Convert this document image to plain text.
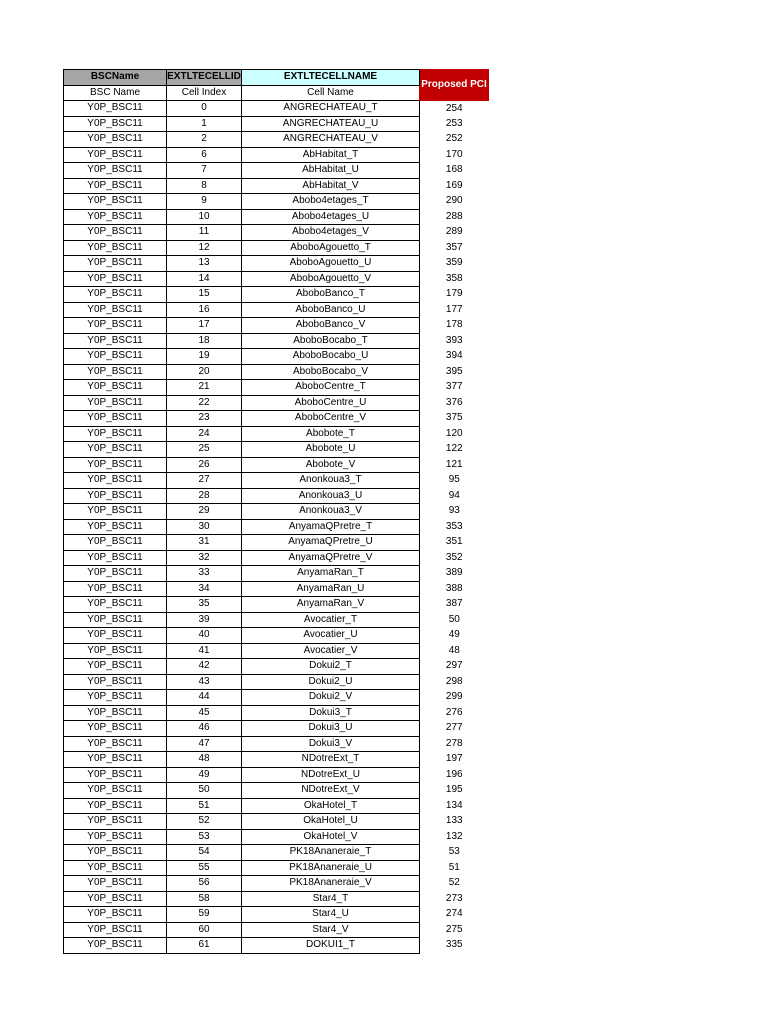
BSCName	EXTLTECELLID	EXTLTECELLNAME	Proposed PCI
BSC Name	Cell Index	Cell Name	
Y0P_BSC11	0	ANGRECHATEAU_T	254
Y0P_BSC11	1	ANGRECHATEAU_U	253
Y0P_BSC11	2	ANGRECHATEAU_V	252
Y0P_BSC11	6	AbHabitat_T	170
Y0P_BSC11	7	AbHabitat_U	168
Y0P_BSC11	8	AbHabitat_V	169
Y0P_BSC11	9	Abobo4etages_T	290
Y0P_BSC11	10	Abobo4etages_U	288
Y0P_BSC11	11	Abobo4etages_V	289
Y0P_BSC11	12	AboboAgouetto_T	357
Y0P_BSC11	13	AboboAgouetto_U	359
Y0P_BSC11	14	AboboAgouetto_V	358
Y0P_BSC11	15	AboboBanco_T	179
Y0P_BSC11	16	AboboBanco_U	177
Y0P_BSC11	17	AboboBanco_V	178
Y0P_BSC11	18	AboboBocabo_T	393
Y0P_BSC11	19	AboboBocabo_U	394
Y0P_BSC11	20	AboboBocabo_V	395
Y0P_BSC11	21	AboboCentre_T	377
Y0P_BSC11	22	AboboCentre_U	376
Y0P_BSC11	23	AboboCentre_V	375
Y0P_BSC11	24	Abobote_T	120
Y0P_BSC11	25	Abobote_U	122
Y0P_BSC11	26	Abobote_V	121
Y0P_BSC11	27	Anonkoua3_T	95
Y0P_BSC11	28	Anonkoua3_U	94
Y0P_BSC11	29	Anonkoua3_V	93
Y0P_BSC11	30	AnyamaQPretre_T	353
Y0P_BSC11	31	AnyamaQPretre_U	351
Y0P_BSC11	32	AnyamaQPretre_V	352
Y0P_BSC11	33	AnyamaRan_T	389
Y0P_BSC11	34	AnyamaRan_U	388
Y0P_BSC11	35	AnyamaRan_V	387
Y0P_BSC11	39	Avocatier_T	50
Y0P_BSC11	40	Avocatier_U	49
Y0P_BSC11	41	Avocatier_V	48
Y0P_BSC11	42	Dokui2_T	297
Y0P_BSC11	43	Dokui2_U	298
Y0P_BSC11	44	Dokui2_V	299
Y0P_BSC11	45	Dokui3_T	276
Y0P_BSC11	46	Dokui3_U	277
Y0P_BSC11	47	Dokui3_V	278
Y0P_BSC11	48	NDotreExt_T	197
Y0P_BSC11	49	NDotreExt_U	196
Y0P_BSC11	50	NDotreExt_V	195
Y0P_BSC11	51	OkaHotel_T	134
Y0P_BSC11	52	OkaHotel_U	133
Y0P_BSC11	53	OkaHotel_V	132
Y0P_BSC11	54	PK18Ananeraie_T	53
Y0P_BSC11	55	PK18Ananeraie_U	51
Y0P_BSC11	56	PK18Ananeraie_V	52
Y0P_BSC11	58	Star4_T	273
Y0P_BSC11	59	Star4_U	274
Y0P_BSC11	60	Star4_V	275
Y0P_BSC11	61	DOKUI1_T	335
